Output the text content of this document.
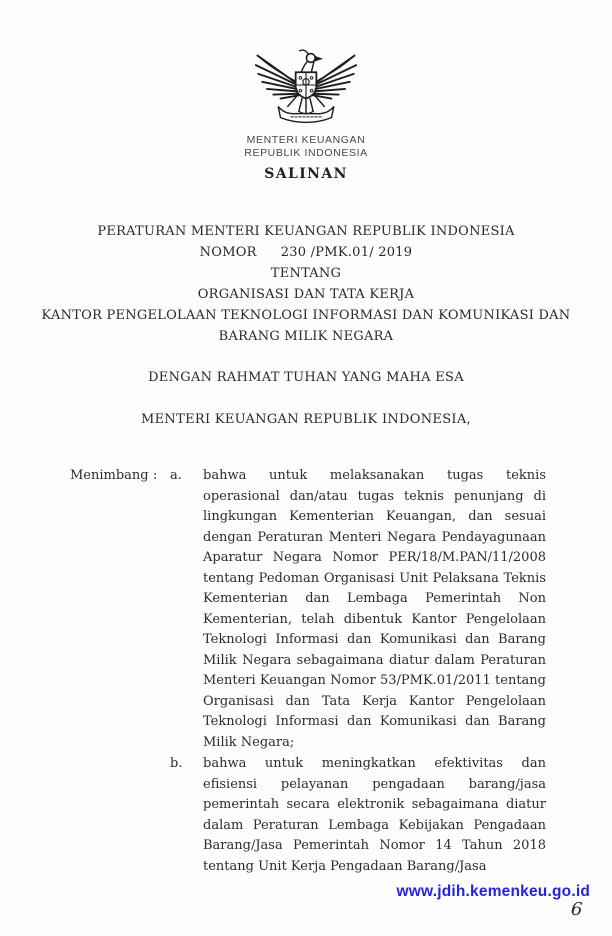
MENTERI KEUANGAN
REPUBLIK INDONESIA
SALINAN
PERATURAN MENTERI KEUANGAN REPUBLIK INDONESIA
NOMOR 230 /PMK.01/ 2019
TENTANG
ORGANISASI DAN TATA KERJA
KANTOR PENGELOLAAN TEKNOLOGI INFORMASI DAN KOMUNIKASI DAN
BARANG MILIK NEGARA
DENGAN RAHMAT TUHAN YANG MAHA ESA
MENTERI KEUANGAN REPUBLIK INDONESIA,
Menimbang : a.	bahwa untuk melaksanakan tugas teknis operasional dan/atau tugas teknis penunjang di lingkungan Kementerian Keuangan, dan sesuai dengan Peraturan Menteri Negara Pendayagunaan Aparatur Negara Nomor PER/18/M.PAN/11/2008 tentang Pedoman Organisasi Unit Pelaksana Teknis Kementerian dan Lembaga Pemerintah Non Kementerian, telah dibentuk Kantor Pengelolaan Teknologi Informasi dan Komunikasi dan Barang Milik Negara sebagaimana diatur dalam Peraturan Menteri Keuangan Nomor 53/PMK.01/2011 tentang Organisasi dan Tata Kerja Kantor Pengelolaan Teknologi Informasi dan Komunikasi dan Barang Milik Negara;
b.	bahwa untuk meningkatkan efektivitas dan efisiensi pelayanan pengadaan barang/jasa pemerintah secara elektronik sebagaimana diatur dalam Peraturan Lembaga Kebijakan Pengadaan Barang/Jasa Pemerintah Nomor 14 Tahun 2018 tentang Unit Kerja Pengadaan Barang/Jasa
www.jdih.kemenkeu.go.id
6
